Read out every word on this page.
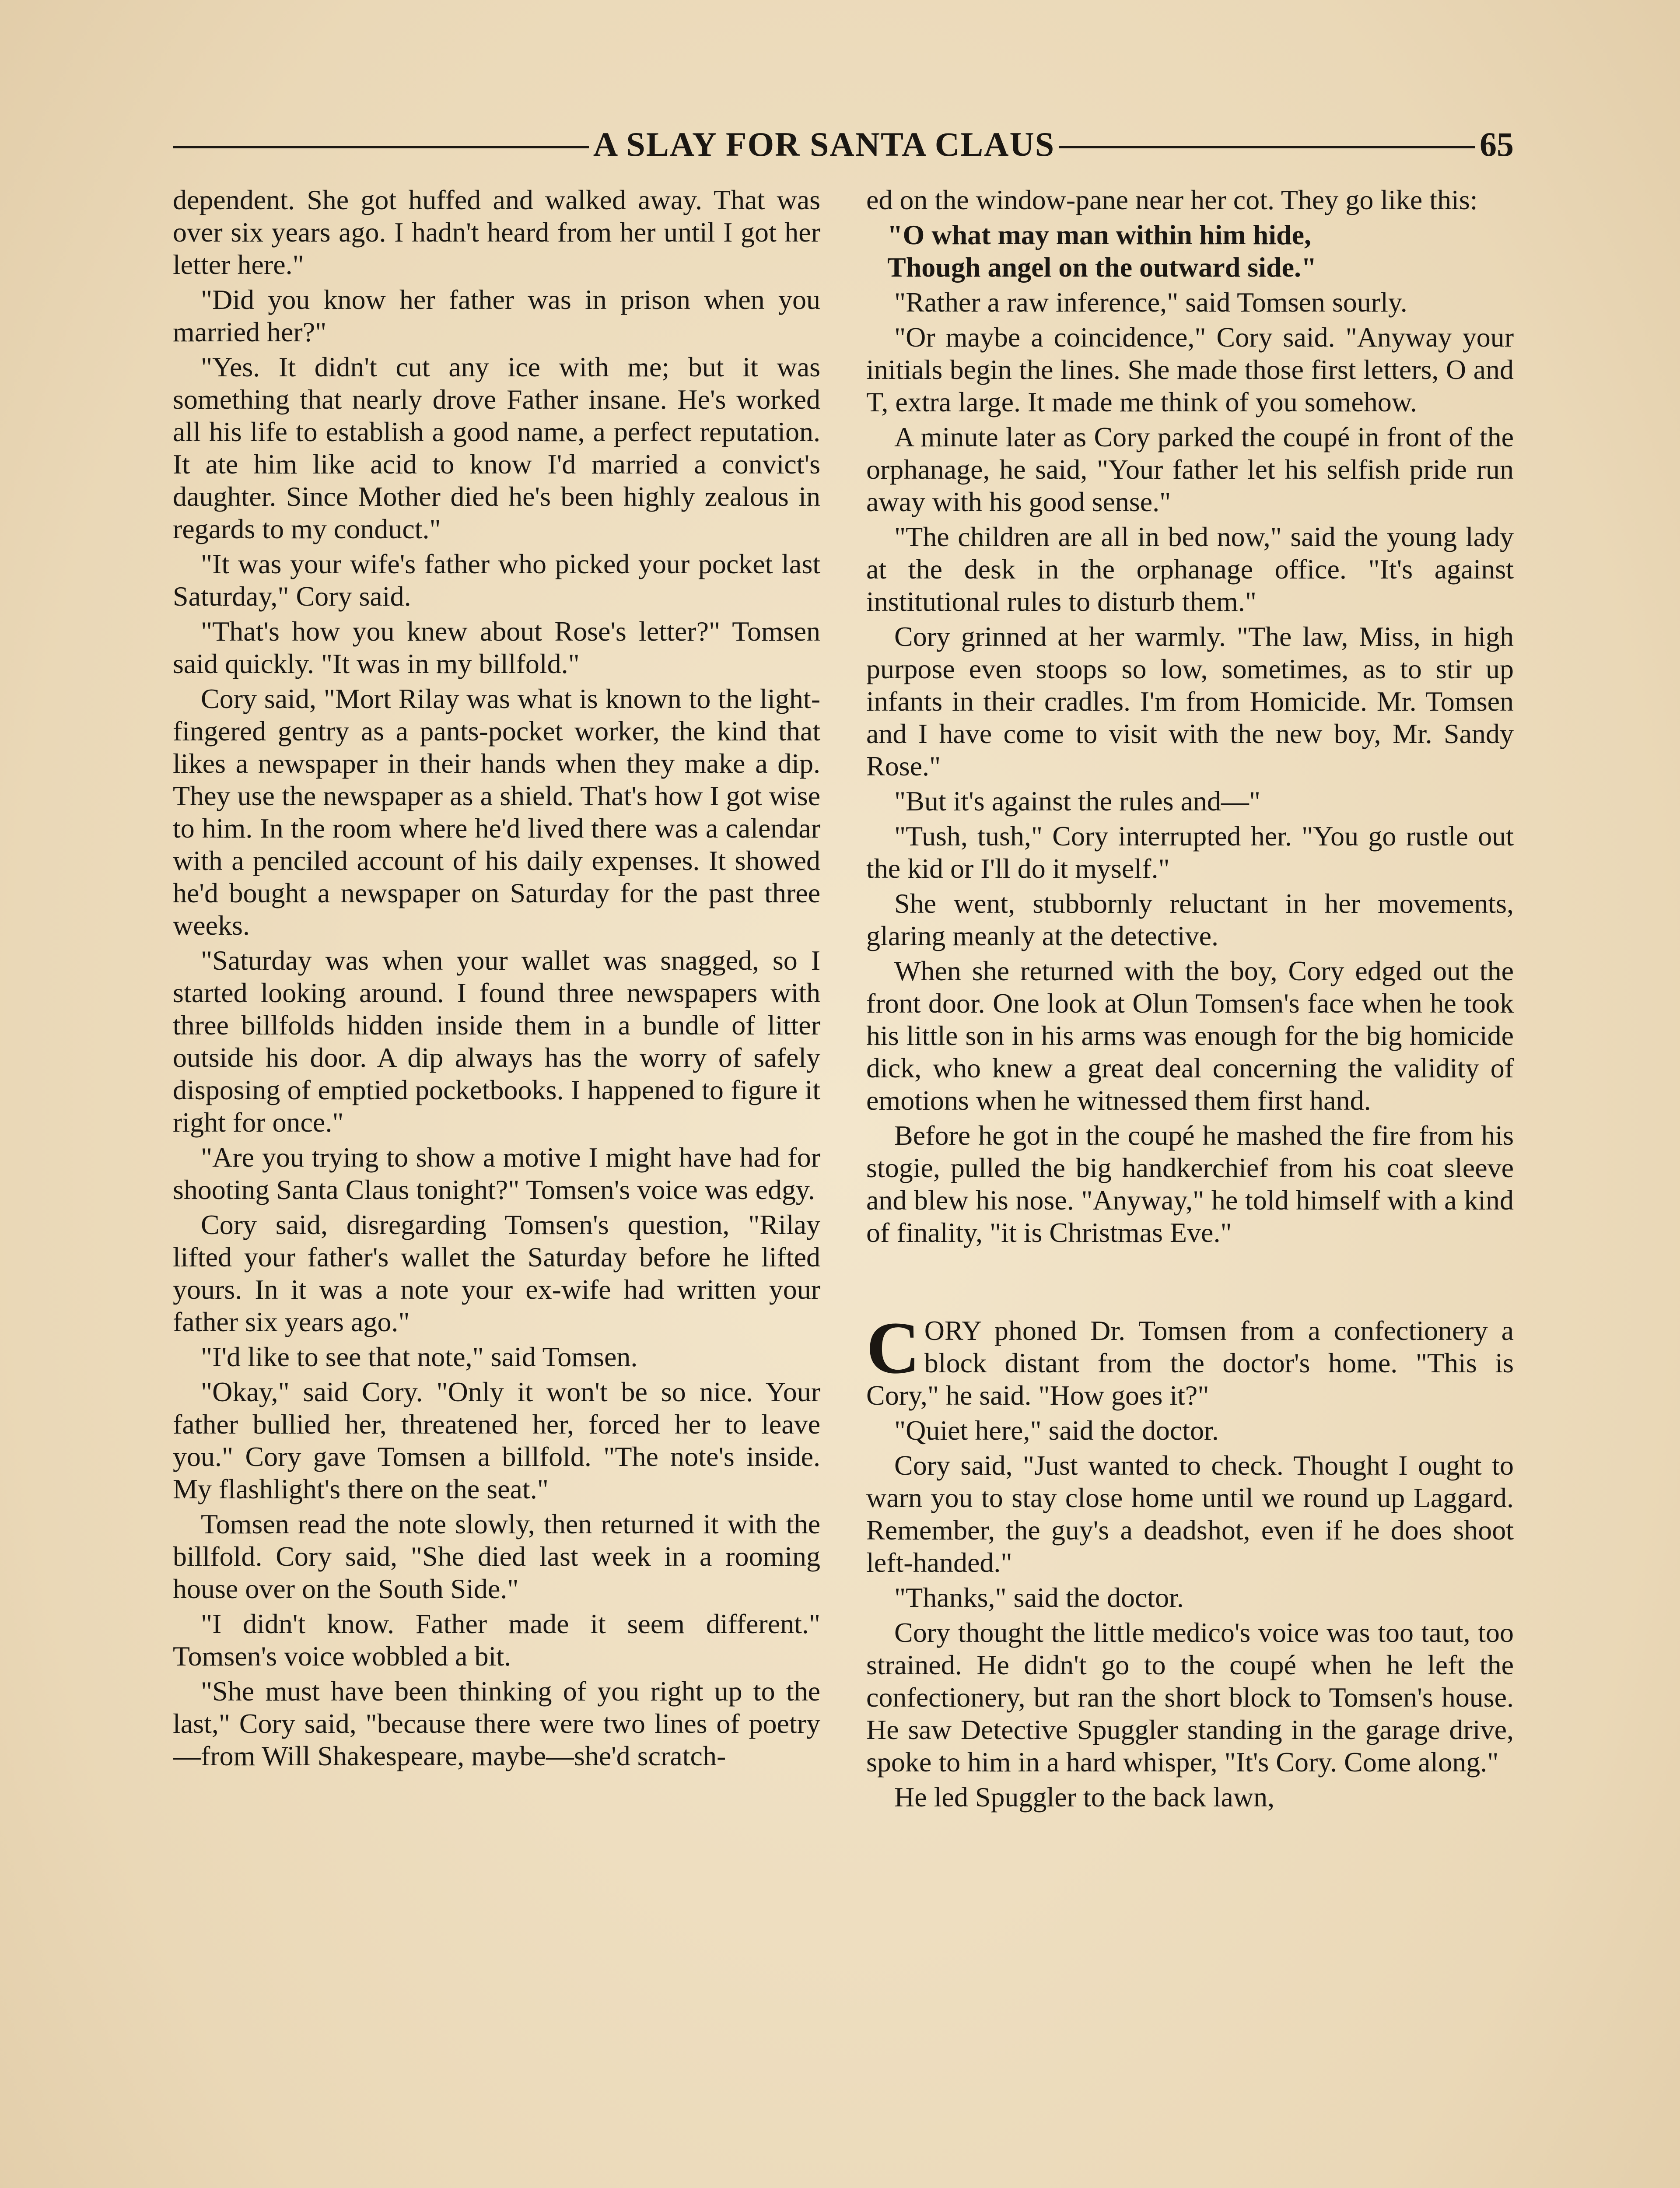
A SLAY FOR SANTA CLAUS	65

dependent. She got huffed and walked away. That was over six years ago. I hadn't heard from her until I got her letter here."

"Did you know her father was in prison when you married her?"

"Yes. It didn't cut any ice with me; but it was something that nearly drove Father insane. He's worked all his life to establish a good name, a perfect reputation. It ate him like acid to know I'd married a convict's daughter. Since Mother died he's been highly zealous in regards to my conduct."

"It was your wife's father who picked your pocket last Saturday," Cory said.

"That's how you knew about Rose's letter?" Tomsen said quickly. "It was in my billfold."

Cory said, "Mort Rilay was what is known to the light-fingered gentry as a pants-pocket worker, the kind that likes a newspaper in their hands when they make a dip. They use the newspaper as a shield. That's how I got wise to him. In the room where he'd lived there was a calendar with a penciled account of his daily expenses. It showed he'd bought a newspaper on Saturday for the past three weeks.

"Saturday was when your wallet was snagged, so I started looking around. I found three newspapers with three billfolds hidden inside them in a bundle of litter outside his door. A dip always has the worry of safely disposing of emptied pocketbooks. I happened to figure it right for once."

"Are you trying to show a motive I might have had for shooting Santa Claus tonight?" Tomsen's voice was edgy.

Cory said, disregarding Tomsen's question, "Rilay lifted your father's wallet the Saturday before he lifted yours. In it was a note your ex-wife had written your father six years ago."

"I'd like to see that note," said Tomsen.

"Okay," said Cory. "Only it won't be so nice. Your father bullied her, threatened her, forced her to leave you." Cory gave Tomsen a billfold. "The note's inside. My flashlight's there on the seat."

Tomsen read the note slowly, then returned it with the billfold. Cory said, "She died last week in a rooming house over on the South Side."

"I didn't know. Father made it seem different." Tomsen's voice wobbled a bit.

"She must have been thinking of you right up to the last," Cory said, "because there were two lines of poetry—from Will Shakespeare, maybe—she'd scratch-

ed on the window-pane near her cot. They go like this:

"O what may man within him hide,

Though angel on the outward side."

"Rather a raw inference," said Tomsen sourly.

"Or maybe a coincidence," Cory said. "Anyway your initials begin the lines. She made those first letters, O and T, extra large. It made me think of you somehow.

A minute later as Cory parked the coupé in front of the orphanage, he said, "Your father let his selfish pride run away with his good sense."

"The children are all in bed now," said the young lady at the desk in the orphanage office. "It's against institutional rules to disturb them."

Cory grinned at her warmly. "The law, Miss, in high purpose even stoops so low, sometimes, as to stir up infants in their cradles. I'm from Homicide. Mr. Tomsen and I have come to visit with the new boy, Mr. Sandy Rose."

"But it's against the rules and—"

"Tush, tush," Cory interrupted her. "You go rustle out the kid or I'll do it myself."

She went, stubbornly reluctant in her movements, glaring meanly at the detective.

When she returned with the boy, Cory edged out the front door. One look at Olun Tomsen's face when he took his little son in his arms was enough for the big homicide dick, who knew a great deal concerning the validity of emotions when he witnessed them first hand.

Before he got in the coupé he mashed the fire from his stogie, pulled the big handkerchief from his coat sleeve and blew his nose. "Anyway," he told himself with a kind of finality, "it is Christmas Eve."

CORY phoned Dr. Tomsen from a confectionery a block distant from the doctor's home. "This is Cory," he said. "How goes it?"

"Quiet here," said the doctor.

Cory said, "Just wanted to check. Thought I ought to warn you to stay close home until we round up Laggard. Remember, the guy's a deadshot, even if he does shoot left-handed."

"Thanks," said the doctor.

Cory thought the little medico's voice was too taut, too strained. He didn't go to the coupé when he left the confectionery, but ran the short block to Tomsen's house. He saw Detective Spuggler standing in the garage drive, spoke to him in a hard whisper, "It's Cory. Come along."

He led Spuggler to the back lawn,
